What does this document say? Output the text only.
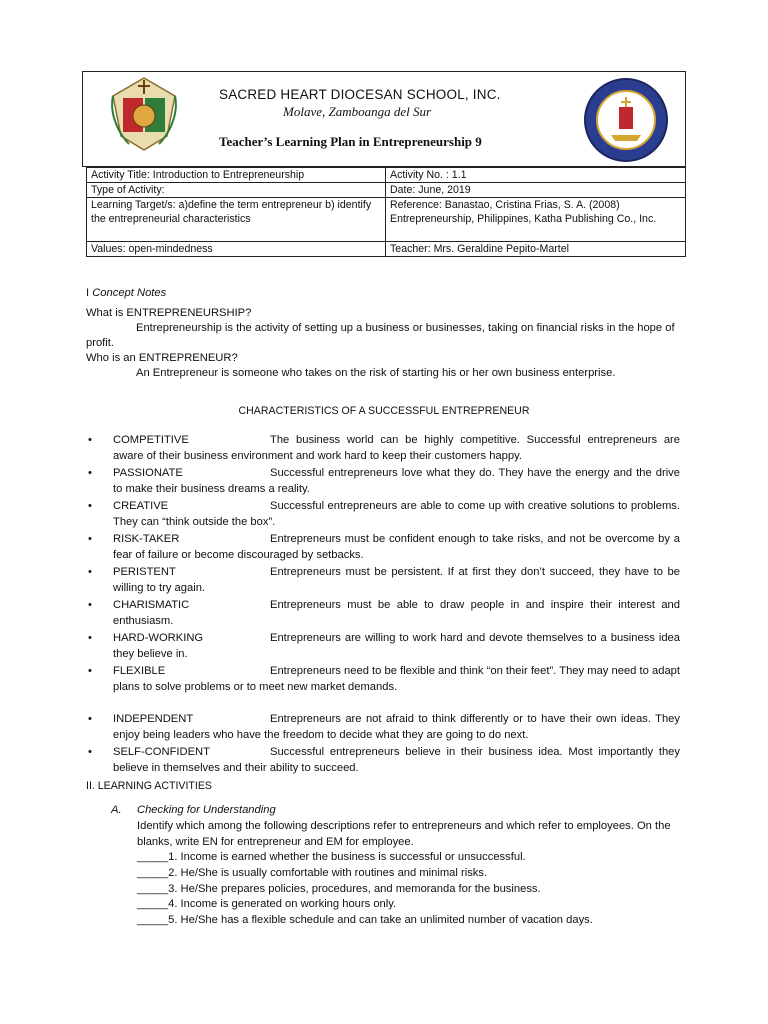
SACRED HEART DIOCESAN SCHOOL, INC.
Molave, Zamboanga del Sur
Teacher’s Learning Plan in Entrepreneurship 9
Activity Title: Introduction to Entrepreneurship	Activity No. : 1.1
Type of Activity:	Date: June, 2019
Learning Target/s: a)define the term entrepreneur b) identify the entrepreneurial characteristics	Reference: Banastao, Cristina Frias, S. A. (2008) Entrepreneurship, Philippines, Katha Publishing Co., Inc.
Values: open-mindedness	Teacher: Mrs. Geraldine Pepito-Martel
I Concept Notes
What is ENTREPRENEURSHIP?
Entrepreneurship is the activity of setting up a business or businesses, taking on financial risks in the hope of profit.
Who is an ENTREPRENEUR?
An Entrepreneur is someone who takes on the risk of starting his or her own business enterprise.
CHARACTERISTICS OF A SUCCESSFUL ENTREPRENEUR
• COMPETITIVE	The business world can be highly competitive. Successful entrepreneurs are aware of their business environment and work hard to keep their customers happy.
• PASSIONATE	Successful entrepreneurs love what they do. They have the energy and the drive to make their business dreams a reality.
• CREATIVE	Successful entrepreneurs are able to come up with creative solutions to problems. They can “think outside the box”.
• RISK-TAKER	Entrepreneurs must be confident enough to take risks, and not be overcome by a fear of failure or become discouraged by setbacks.
• PERISTENT	Entrepreneurs must be persistent. If at first they don’t succeed, they have to be willing to try again.
• CHARISMATIC	Entrepreneurs must be able to draw people in and inspire their interest and enthusiasm.
• HARD-WORKING	Entrepreneurs are willing to work hard and devote themselves to a business idea they believe in.
• FLEXIBLE	Entrepreneurs need to be flexible and think “on their feet”. They may need to adapt plans to solve problems or to meet new market demands.
• INDEPENDENT	Entrepreneurs are not afraid to think differently or to have their own ideas. They enjoy being leaders who have the freedom to decide what they are going to do next.
• SELF-CONFIDENT	Successful entrepreneurs believe in their business idea. Most importantly they believe in themselves and their ability to succeed.
II. LEARNING ACTIVITIES
A. Checking for Understanding
Identify which among the following descriptions refer to entrepreneurs and which refer to employees. On the blanks, write EN for entrepreneur and EM for employee.
_____1. Income is earned whether the business is successful or unsuccessful.
_____2. He/She is usually comfortable with routines and minimal risks.
_____3. He/She prepares policies, procedures, and memoranda for the business.
_____4. Income is generated on working hours only.
_____5. He/She has a flexible schedule and can take an unlimited number of vacation days.
